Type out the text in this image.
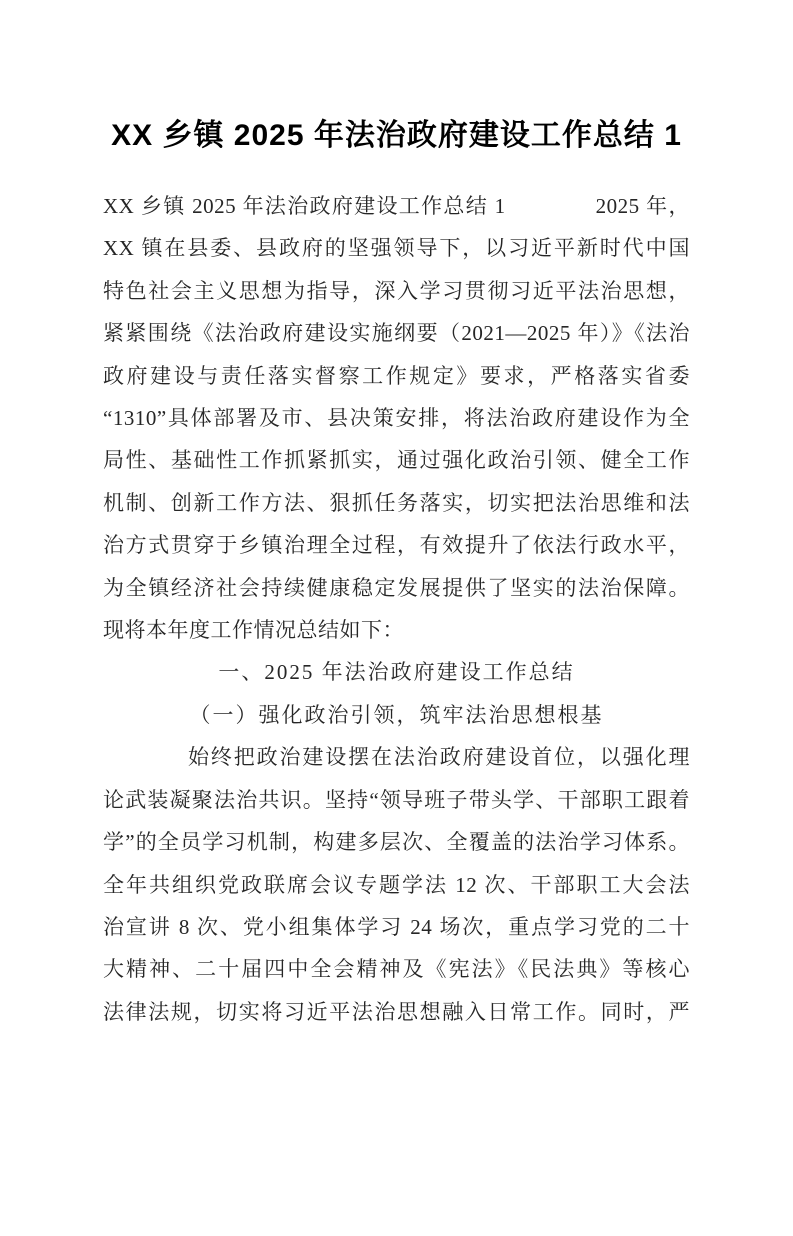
XX 乡镇 2025 年法治政府建设工作总结 1
XX 乡镇 2025 年法治政府建设工作总结 1　　　　2025 年，
XX 镇在县委、县政府的坚强领导下，以习近平新时代中国
特色社会主义思想为指导，深入学习贯彻习近平法治思想，
紧紧围绕《法治政府建设实施纲要（2021—2025 年）》《法治
政府建设与责任落实督察工作规定》要求，严格落实省委
“1310”具体部署及市、县决策安排，将法治政府建设作为全
局性、基础性工作抓紧抓实，通过强化政治引领、健全工作
机制、创新工作方法、狠抓任务落实，切实把法治思维和法
治方式贯穿于乡镇治理全过程，有效提升了依法行政水平，
为全镇经济社会持续健康稳定发展提供了坚实的法治保障。
现将本年度工作情况总结如下：
一、2025 年法治政府建设工作总结
（一）强化政治引领，筑牢法治思想根基
始终把政治建设摆在法治政府建设首位，以强化理
论武装凝聚法治共识。坚持“领导班子带头学、干部职工跟着
学”的全员学习机制，构建多层次、全覆盖的法治学习体系。
全年共组织党政联席会议专题学法 12 次、干部职工大会法
治宣讲 8 次、党小组集体学习 24 场次，重点学习党的二十
大精神、二十届四中全会精神及《宪法》《民法典》等核心
法律法规，切实将习近平法治思想融入日常工作。同时，严
